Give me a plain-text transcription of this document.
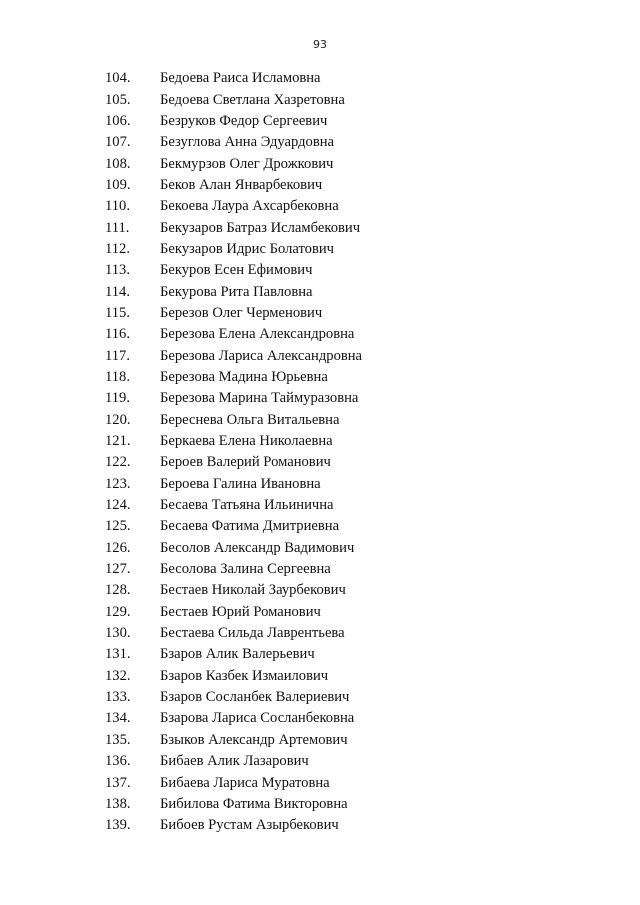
93
104.	Бедоева Раиса Исламовна
105.	Бедоева Светлана Хазретовна
106.	Безруков Федор Сергеевич
107.	Безуглова Анна Эдуардовна
108.	Бекмурзов Олег Дрожкович
109.	Беков Алан Январбекович
110.	Бекоева Лаура Ахсарбековна
111.	Бекузаров Батраз Исламбекович
112.	Бекузаров Идрис Болатович
113.	Бекуров Есен Ефимович
114.	Бекурова Рита Павловна
115.	Березов Олег Черменович
116.	Березова Елена Александровна
117.	Березова Лариса Александровна
118.	Березова Мадина Юрьевна
119.	Березова Марина Таймуразовна
120.	Береснева Ольга Витальевна
121.	Беркаева Елена Николаевна
122.	Бероев Валерий Романович
123.	Бероева Галина Ивановна
124.	Бесаева Татьяна Ильинична
125.	Бесаева Фатима Дмитриевна
126.	Бесолов Александр Вадимович
127.	Бесолова Залина Сергеевна
128.	Бестаев Николай Заурбекович
129.	Бестаев Юрий Романович
130.	Бестаева Сильда Лаврентьева
131.	Бзаров Алик Валерьевич
132.	Бзаров Казбек Измаилович
133.	Бзаров Сосланбек Валериевич
134.	Бзарова Лариса Сосланбековна
135.	Бзыков Александр Артемович
136.	Бибаев Алик Лазарович
137.	Бибаева Лариса Муратовна
138.	Бибилова Фатима Викторовна
139.	Бибоев Рустам Азырбекович
